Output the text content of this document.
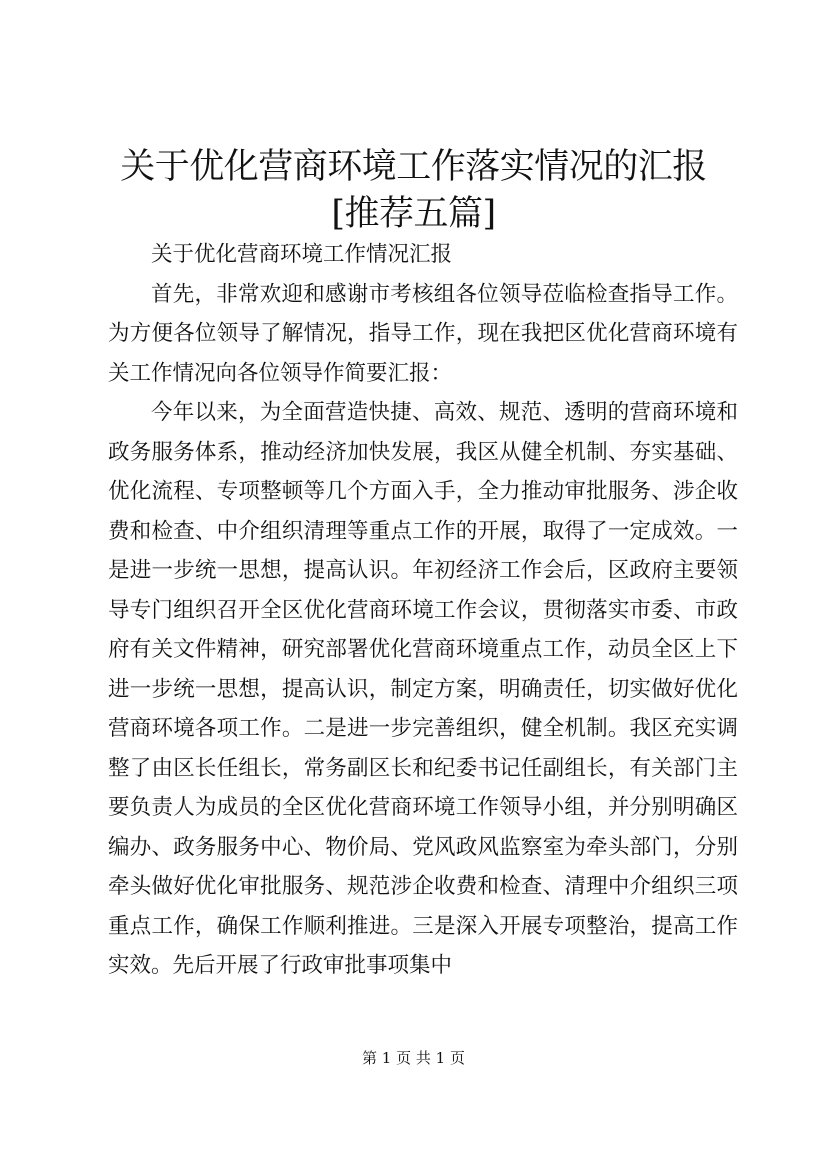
关于优化营商环境工作落实情况的汇报[推荐五篇]

关于优化营商环境工作情况汇报

首先，非常欢迎和感谢市考核组各位领导莅临检查指导工作。为方便各位领导了解情况，指导工作，现在我把区优化营商环境有关工作情况向各位领导作简要汇报：

今年以来，为全面营造快捷、高效、规范、透明的营商环境和政务服务体系，推动经济加快发展，我区从健全机制、夯实基础、优化流程、专项整顿等几个方面入手，全力推动审批服务、涉企收费和检查、中介组织清理等重点工作的开展，取得了一定成效。一是进一步统一思想，提高认识。年初经济工作会后，区政府主要领导专门组织召开全区优化营商环境工作会议，贯彻落实市委、市政府有关文件精神，研究部署优化营商环境重点工作，动员全区上下进一步统一思想，提高认识，制定方案，明确责任，切实做好优化营商环境各项工作。二是进一步完善组织，健全机制。我区充实调整了由区长任组长，常务副区长和纪委书记任副组长，有关部门主要负责人为成员的全区优化营商环境工作领导小组，并分别明确区编办、政务服务中心、物价局、党风政风监察室为牵头部门，分别牵头做好优化审批服务、规范涉企收费和检查、清理中介组织三项重点工作，确保工作顺利推进。三是深入开展专项整治，提高工作实效。先后开展了行政审批事项集中

第 1 页 共 1 页
